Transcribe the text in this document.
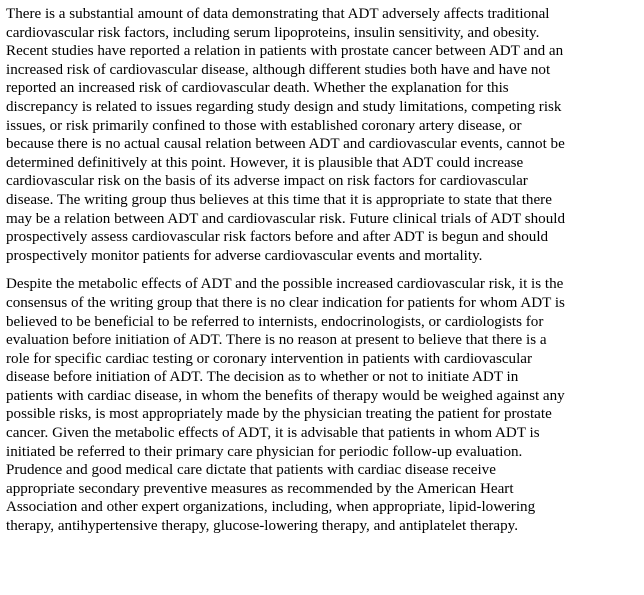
There is a substantial amount of data demonstrating that ADT adversely affects traditional
cardiovascular risk factors, including serum lipoproteins, insulin sensitivity, and obesity.
Recent studies have reported a relation in patients with prostate cancer between ADT and an
increased risk of cardiovascular disease, although different studies both have and have not
reported an increased risk of cardiovascular death. Whether the explanation for this
discrepancy is related to issues regarding study design and study limitations, competing risk
issues, or risk primarily confined to those with established coronary artery disease, or
because there is no actual causal relation between ADT and cardiovascular events, cannot be
determined definitively at this point. However, it is plausible that ADT could increase
cardiovascular risk on the basis of its adverse impact on risk factors for cardiovascular
disease. The writing group thus believes at this time that it is appropriate to state that there
may be a relation between ADT and cardiovascular risk. Future clinical trials of ADT should
prospectively assess cardiovascular risk factors before and after ADT is begun and should
prospectively monitor patients for adverse cardiovascular events and mortality.
Despite the metabolic effects of ADT and the possible increased cardiovascular risk, it is the
consensus of the writing group that there is no clear indication for patients for whom ADT is
believed to be beneficial to be referred to internists, endocrinologists, or cardiologists for
evaluation before initiation of ADT. There is no reason at present to believe that there is a
role for specific cardiac testing or coronary intervention in patients with cardiovascular
disease before initiation of ADT. The decision as to whether or not to initiate ADT in
patients with cardiac disease, in whom the benefits of therapy would be weighed against any
possible risks, is most appropriately made by the physician treating the patient for prostate
cancer. Given the metabolic effects of ADT, it is advisable that patients in whom ADT is
initiated be referred to their primary care physician for periodic follow-up evaluation.
Prudence and good medical care dictate that patients with cardiac disease receive
appropriate secondary preventive measures as recommended by the American Heart
Association and other expert organizations, including, when appropriate, lipid-lowering
therapy, antihypertensive therapy, glucose-lowering therapy, and antiplatelet therapy.
